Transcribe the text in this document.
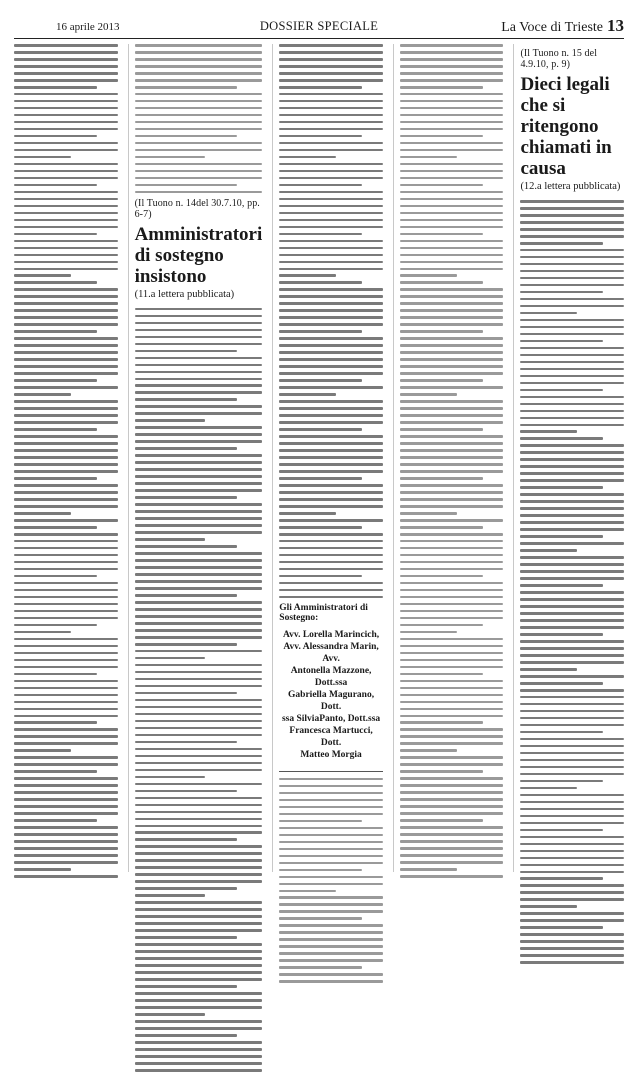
16 aprile 2013	DOSSIER SPECIALE	La Voce di Trieste 13
(Il Tuono n. 14del 30.7.10, pp. 6-7)
Amministratori di sostegno insistono
(11.a lettera pubblicata)
Gli Amministratori di Sostegno:
Avv. Lorella Marincich,
Avv. Alessandra Marin, Avv.
Antonella Mazzone, Dott.ssa
Gabriella Magurano, Dott.
ssa SilviaPanto, Dott.ssa
Francesca Martucci, Dott.
Matteo Morgia
(Il Tuono n. 15 del 4.9.10, p. 9)
Dieci legali che si ritengono chiamati in causa
(12.a lettera pubblicata)
